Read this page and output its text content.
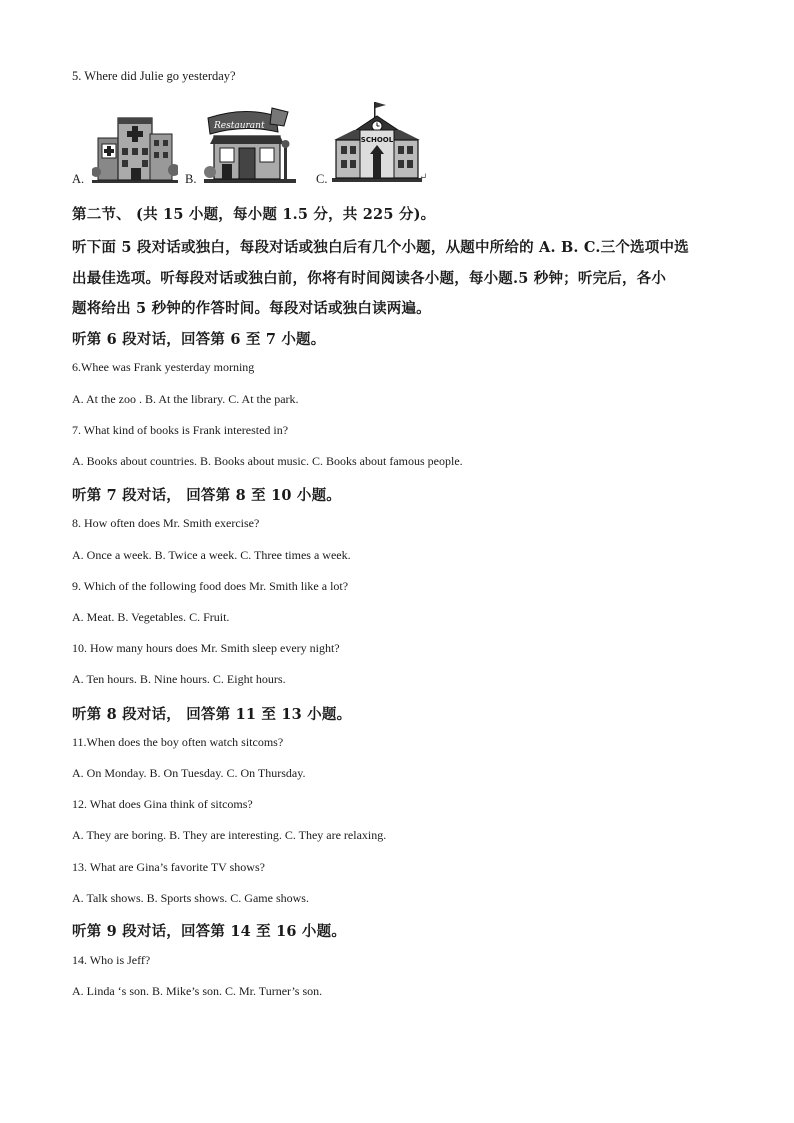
5. Where did Julie go yesterday?
A.	B.
Restaurant
C.
SCHOOL
↵
第二节、 (共 15 小题，每小题 1.5 分，共 225 分)。
听下面 5 段对话或独白，每段对话或独白后有几个小题，从题中所给的 A. B. C.三个选项中选
出最佳选项。听每段对话或独白前，你将有时间阅读各小题，每小题.5 秒钟；听完后，各小
题将给出 5 秒钟的作答时间。每段对话或独白读两遍。
听第 6 段对话，回答第 6 至 7 小题。
6.Whee was Frank yesterday morning
A. At the zoo . B. At the library. C. At the park.
7. What kind of books is Frank interested in?
A. Books about countries. B. Books about music. C. Books about famous people.
听第 7 段对话， 回答第 8 至 10 小题。
8. How often does Mr. Smith exercise?
A. Once a week. B. Twice a week. C. Three times a week.
9. Which of the following food does Mr. Smith like a lot?
A. Meat. B. Vegetables. C. Fruit.
10. How many hours does Mr. Smith sleep every night?
A. Ten hours. B. Nine hours. C. Eight hours.
听第 8 段对话， 回答第 11 至 13 小题。
11.When does the boy often watch sitcoms?
A. On Monday. B. On Tuesday. C. On Thursday.
12. What does Gina think of sitcoms?
A. They are boring. B. They are interesting. C. They are relaxing.
13. What are Gina’s favorite TV shows?
A. Talk shows. B. Sports shows. C. Game shows.
听第 9 段对话，回答第 14 至 16 小题。
14. Who is Jeff?
A. Linda ‘s son. B. Mike’s son. C. Mr. Turner’s son.
